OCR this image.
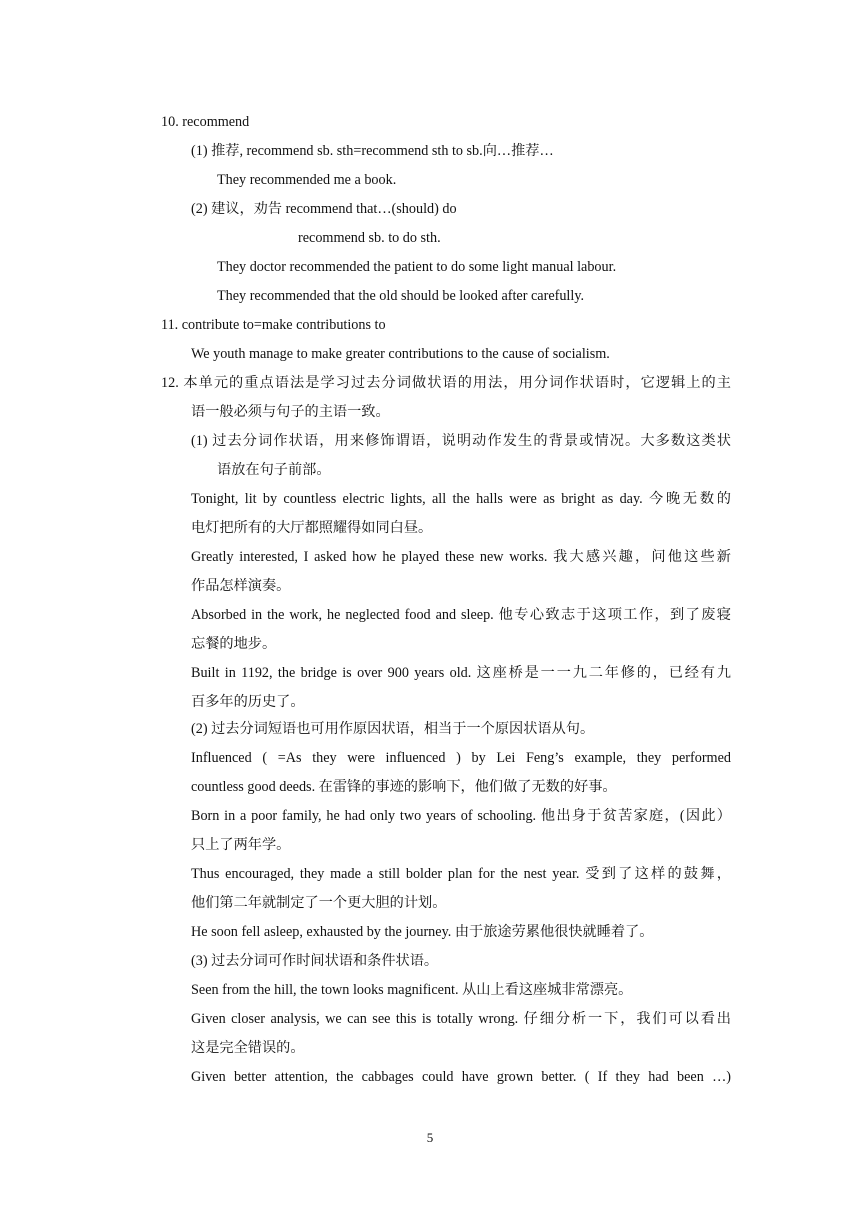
10. recommend
(1) 推荐, recommend sb. sth=recommend sth to sb.向…推荐…
They recommended me a book.
(2) 建议，劝告 recommend that…(should) do
recommend sb. to do sth.
They doctor recommended the patient to do some light manual labour.
They recommended that the old should be looked after carefully.
11. contribute to=make contributions to
We youth manage to make greater contributions to the cause of socialism.
12. 本单元的重点语法是学习过去分词做状语的用法，用分词作状语时，它逻辑上的主
语一般必须与句子的主语一致。
(1) 过去分词作状语，用来修饰谓语，说明动作发生的背景或情况。大多数这类状
语放在句子前部。
Tonight, lit by countless electric lights, all the halls were as bright as day. 今晚无数的
电灯把所有的大厅都照耀得如同白昼。
Greatly interested, I asked how he played these new works. 我大感兴趣，问他这些新
作品怎样演奏。
Absorbed in the work, he neglected food and sleep. 他专心致志于这项工作，到了废寝
忘餐的地步。
Built in 1192, the bridge is over 900 years old. 这座桥是一一九二年修的，已经有九
百多年的历史了。
(2) 过去分词短语也可用作原因状语，相当于一个原因状语从句。
Influenced ( =As they were influenced ) by Lei Feng’s example, they performed
countless good deeds. 在雷锋的事迹的影响下，他们做了无数的好事。
Born in a poor family, he had only two years of schooling. 他出身于贫苦家庭，(因此）
只上了两年学。
Thus encouraged, they made a still bolder plan for the nest year. 受到了这样的鼓舞，
他们第二年就制定了一个更大胆的计划。
He soon fell asleep, exhausted by the journey. 由于旅途劳累他很快就睡着了。
(3) 过去分词可作时间状语和条件状语。
Seen from the hill, the town looks magnificent. 从山上看这座城非常漂亮。
Given closer analysis, we can see this is totally wrong. 仔细分析一下，我们可以看出
这是完全错误的。
Given better attention, the cabbages could have grown better. ( If they had been …)
5
